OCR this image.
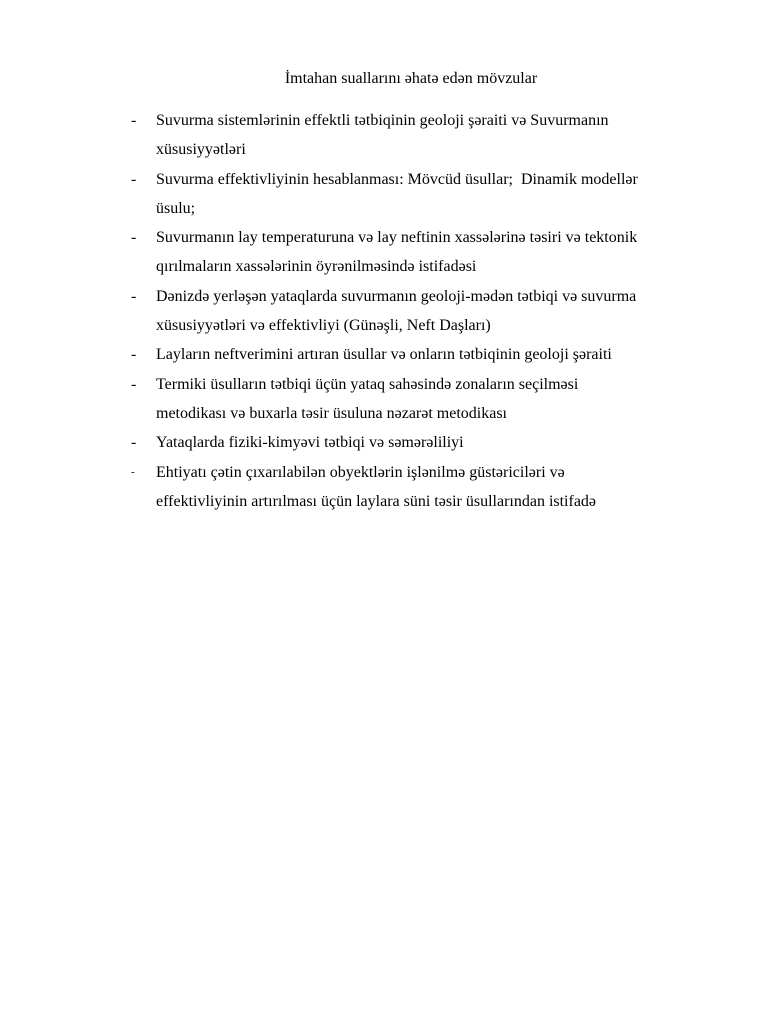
İmtahan suallarını əhatə edən mövzular
-	Suvurma sistemlərinin effektli tətbiqinin geoloji şəraiti və Suvurmanın
xüsusiyyətləri
-	Suvurma effektivliyinin hesablanması: Mövcüd üsullar;  Dinamik modellər
üsulu;
-	Suvurmanın lay temperaturuna və lay neftinin xassələrinə təsiri və tektonik
qırılmaların xassələrinin öyrənilməsində istifadəsi
-	Dənizdə yerləşən yataqlarda suvurmanın geoloji-mədən tətbiqi və suvurma
xüsusiyyətləri və effektivliyi (Günəşli, Neft Daşları)
-	Layların neftverimini artıran üsullar və onların tətbiqinin geoloji şəraiti
-	Termiki üsulların tətbiqi üçün yataq sahəsində zonaların seçilməsi
metodikası və buxarla təsir üsuluna nəzarət metodikası
-	Yataqlarda fiziki-kimyəvi tətbiqi və səmərəliliyi
-	Ehtiyatı çətin çıxarılabilən obyektlərin işlənilmə güstəriciləri və
effektivliyinin artırılması üçün laylara süni təsir üsullarından istifadə
